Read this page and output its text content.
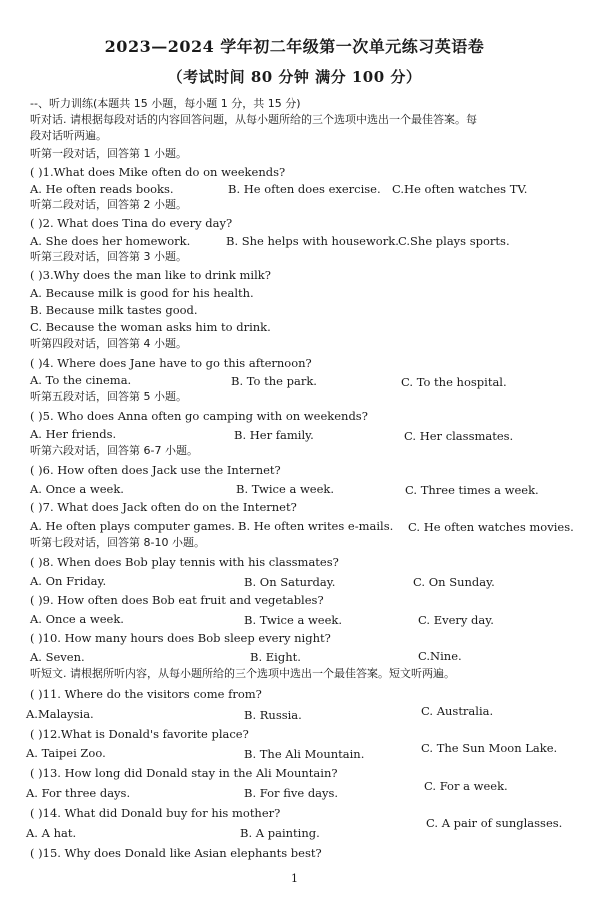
2023—2024 学年初二年级第一次单元练习英语卷
（考试时间 80 分钟 满分 100 分）
--、听力训练(本题共 15 小题，每小题 1 分，共 15 分)
听对话. 请根据每段对话的内容回答问题，从每小题所给的三个选项中选出一个最佳答案。每
段对话听两遍。
听第一段对话，回答第 1 小题。
( )1.What does Mike often do on weekends?
A. He often reads books.	B. He often does exercise. C.He often watches TV.
听第二段对话，回答第 2 小题。
( )2. What does Tina do every day?
A. She does her homework.	B. She helps with housework. C.She plays sports.
听第三段对话，回答第 3 小题。
( )3.Why does the man like to drink milk?
A. Because milk is good for his health.
B. Because milk tastes good.
C. Because the woman asks him to drink.
听第四段对话，回答第 4 小题。
( )4. Where does Jane have to go this afternoon?
A. To the cinema.	B. To the park.	C. To the hospital.
听第五段对话，回答第 5 小题。
( )5. Who does Anna often go camping with on weekends?
A. Her friends.	B. Her family.	C. Her classmates.
听第六段对话，回答第 6-7 小题。
( )6. How often does Jack use the Internet?
A. Once a week.	B. Twice a week.	C. Three times a week.
( )7. What does Jack often do on the Internet?
A. He often plays computer games. B. He often writes e-mails. C. He often watches movies.
听第七段对话，回答第 8-10 小题。
( )8. When does Bob play tennis with his classmates?
A. On Friday.	B. On Saturday.	C. On Sunday.
( )9. How often does Bob eat fruit and vegetables?
A. Once a week.	B. Twice a week.	C. Every day.
( )10. How many hours does Bob sleep every night?
A. Seven.	B. Eight.	C.Nine.
听短文. 请根据所听内容，从每小题所给的三个选项中选出一个最佳答案。短文听两遍。
( )11. Where do the visitors come from?
A.Malaysia.	B. Russia.	C. Australia.
( )12.What is Donald's favorite place?
A. Taipei Zoo.	B. The Ali Mountain.	C. The Sun Moon Lake.
( )13. How long did Donald stay in the Ali Mountain?
A. For three days.	B. For five days.	C. For a week.
( )14. What did Donald buy for his mother?
A. A hat.	B. A painting.
C. A pair of sunglasses.
( )15. Why does Donald like Asian elephants best?
1
